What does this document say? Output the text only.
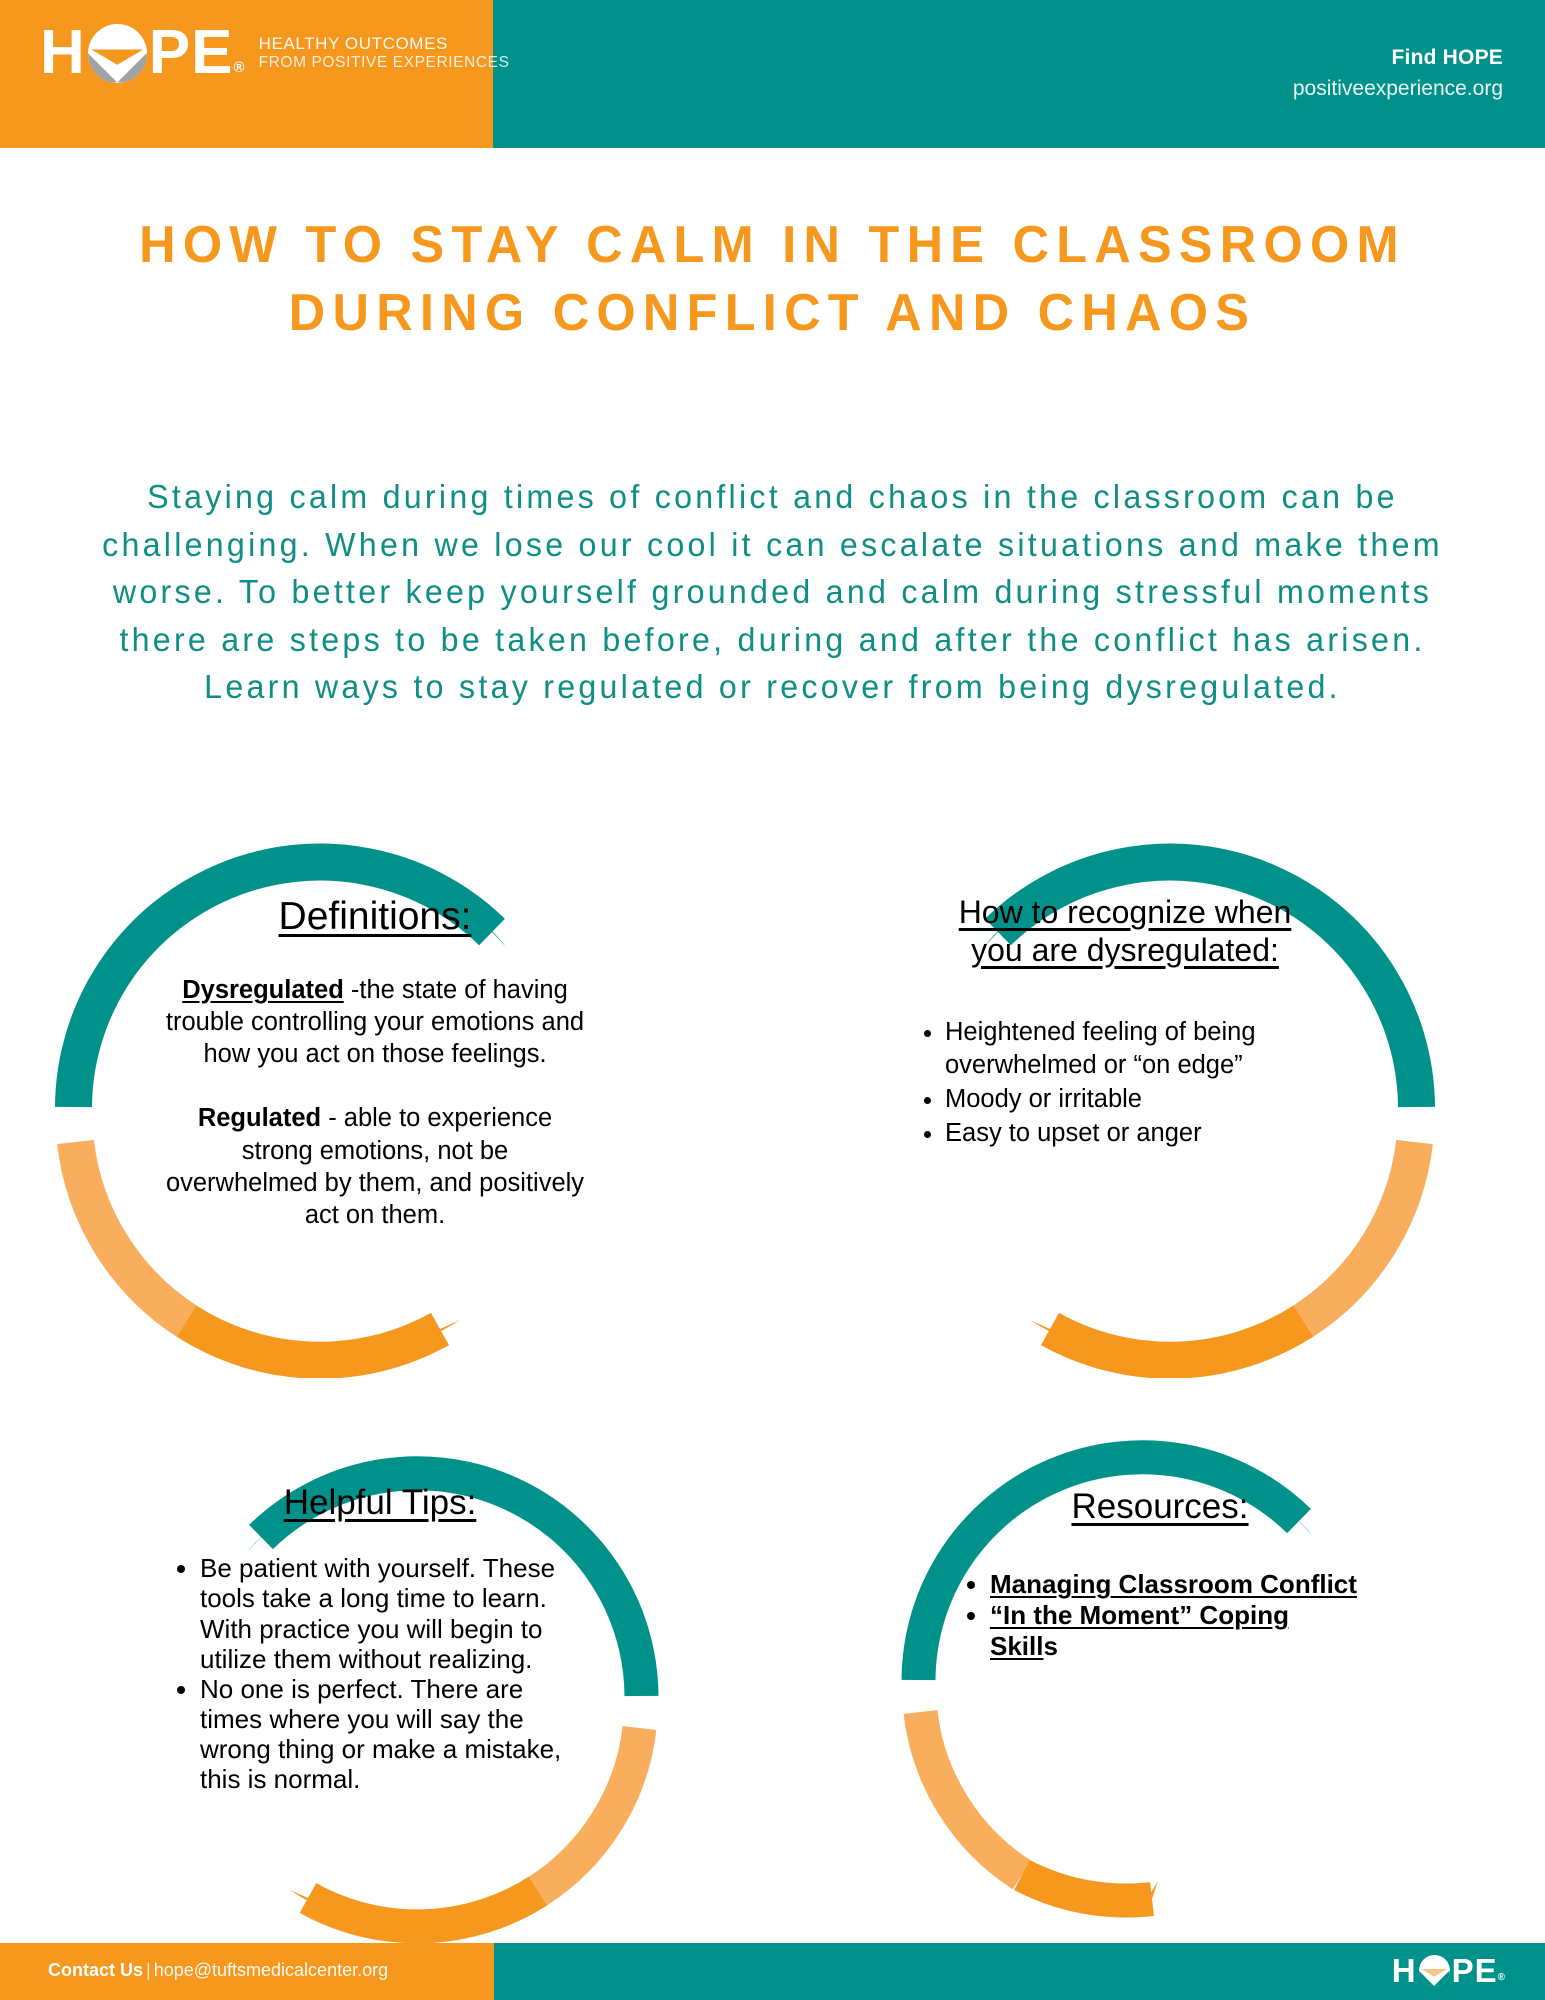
H P E ®
HEALTHY OUTCOMES
FROM POSITIVE EXPERIENCES	Find HOPE
positiveexperience.org
HOW TO STAY CALM IN THE CLASSROOM DURING CONFLICT AND CHAOS
Staying calm during times of conflict and chaos in the classroom can be challenging. When we lose our cool it can escalate situations and make them worse. To better keep yourself grounded and calm during stressful moments there are steps to be taken before, during and after the conflict has arisen. Learn ways to stay regulated or recover from being dysregulated.
Definitions:

Dysregulated -the state of having trouble controlling your emotions and how you act on those feelings.

Regulated - able to experience strong emotions, not be overwhelmed by them, and positively act on them.

How to recognize when
you are dysregulated:
• Heightened feeling of being overwhelmed or “on edge”
• Moody or irritable
• Easy to upset or anger
Helpful Tips:
• Be patient with yourself. These tools take a long time to learn. With practice you will begin to utilize them without realizing.
• No one is perfect. There are times where you will say the wrong thing or make a mistake, this is normal.
Resources:
• Managing Classroom Conflict
• “In the Moment” Coping Skills
Contact Us | hope@tuftsmedicalcenter.org	H P E ®
